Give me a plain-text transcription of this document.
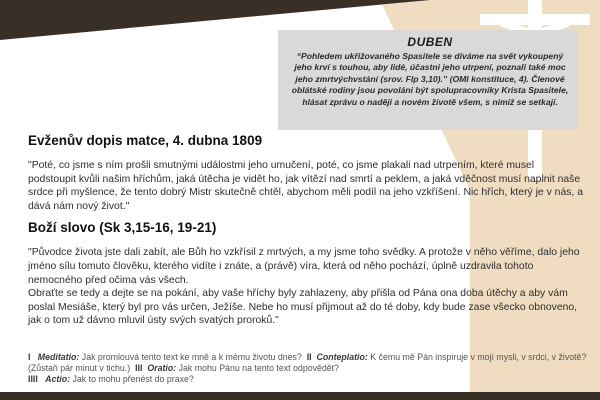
DUBEN
“Pohledem ukřižovaného Spasitele se díváme na svět vykoupený jeho krví s touhou, aby lidé, účastni jeho utrpení, poznali také moc jeho zmrtvýchvstání (srov. Flp 3,10).” (OMI konstituce, 4). Členové oblátské rodiny jsou povoláni být spolupracovníky Krista Spasitele, hlásat zprávu o naději a novém životě všem, s nimiž se setkají.
Evženův dopis matce, 4. dubna 1809

"Poté, co jsme s ním prošli smutnými událostmi jeho umučení, poté, co jsme plakali nad utrpením, které musel podstoupit kvůli našim hříchům, jaká útěcha je vidět ho, jak vítězí nad smrtí a peklem, a jaká vděčnost musí naplnit naše srdce při myšlence, že tento dobrý Mistr skutečně chtěl, abychom měli podíl na jeho vzkříšení. Nic hřích, který je v nás, a dává nám nový život."

Boží slovo (Sk 3,15-16, 19-21)

"Původce života jste dali zabít, ale Bůh ho vzkřísil z mrtvých, a my jsme toho svědky. A protože v něho věříme, dalo jeho jméno sílu tomuto člověku, kterého vidíte i znáte, a (právě) víra, která od něho pochází, úplně uzdravila tohoto nemocného před očima vás všech.
Obraťte se tedy a dejte se na pokání, aby vaše hříchy byly zahlazeny, aby přišla od Pána ona doba útěchy a aby vám poslal Mesiáše, který byl pro vás určen, Ježíše. Nebe ho musí přijmout až do té doby, kdy bude zase všecko obnoveno, jak o tom už dávno mluvil ústy svých svatých proroků."

I Meditatio: Jak promlouvá tento text ke mně a k mému životu dnes? II Conteplatio: K čemu mě Pán inspiruje v mojí mysli, v srdci, v životě? (Zůstaň pár minut v tichu.) III Oratio: Jak mohu Pánu na tento text odpovědět?
IIII Actio: Jak to mohu přenést do praxe?
